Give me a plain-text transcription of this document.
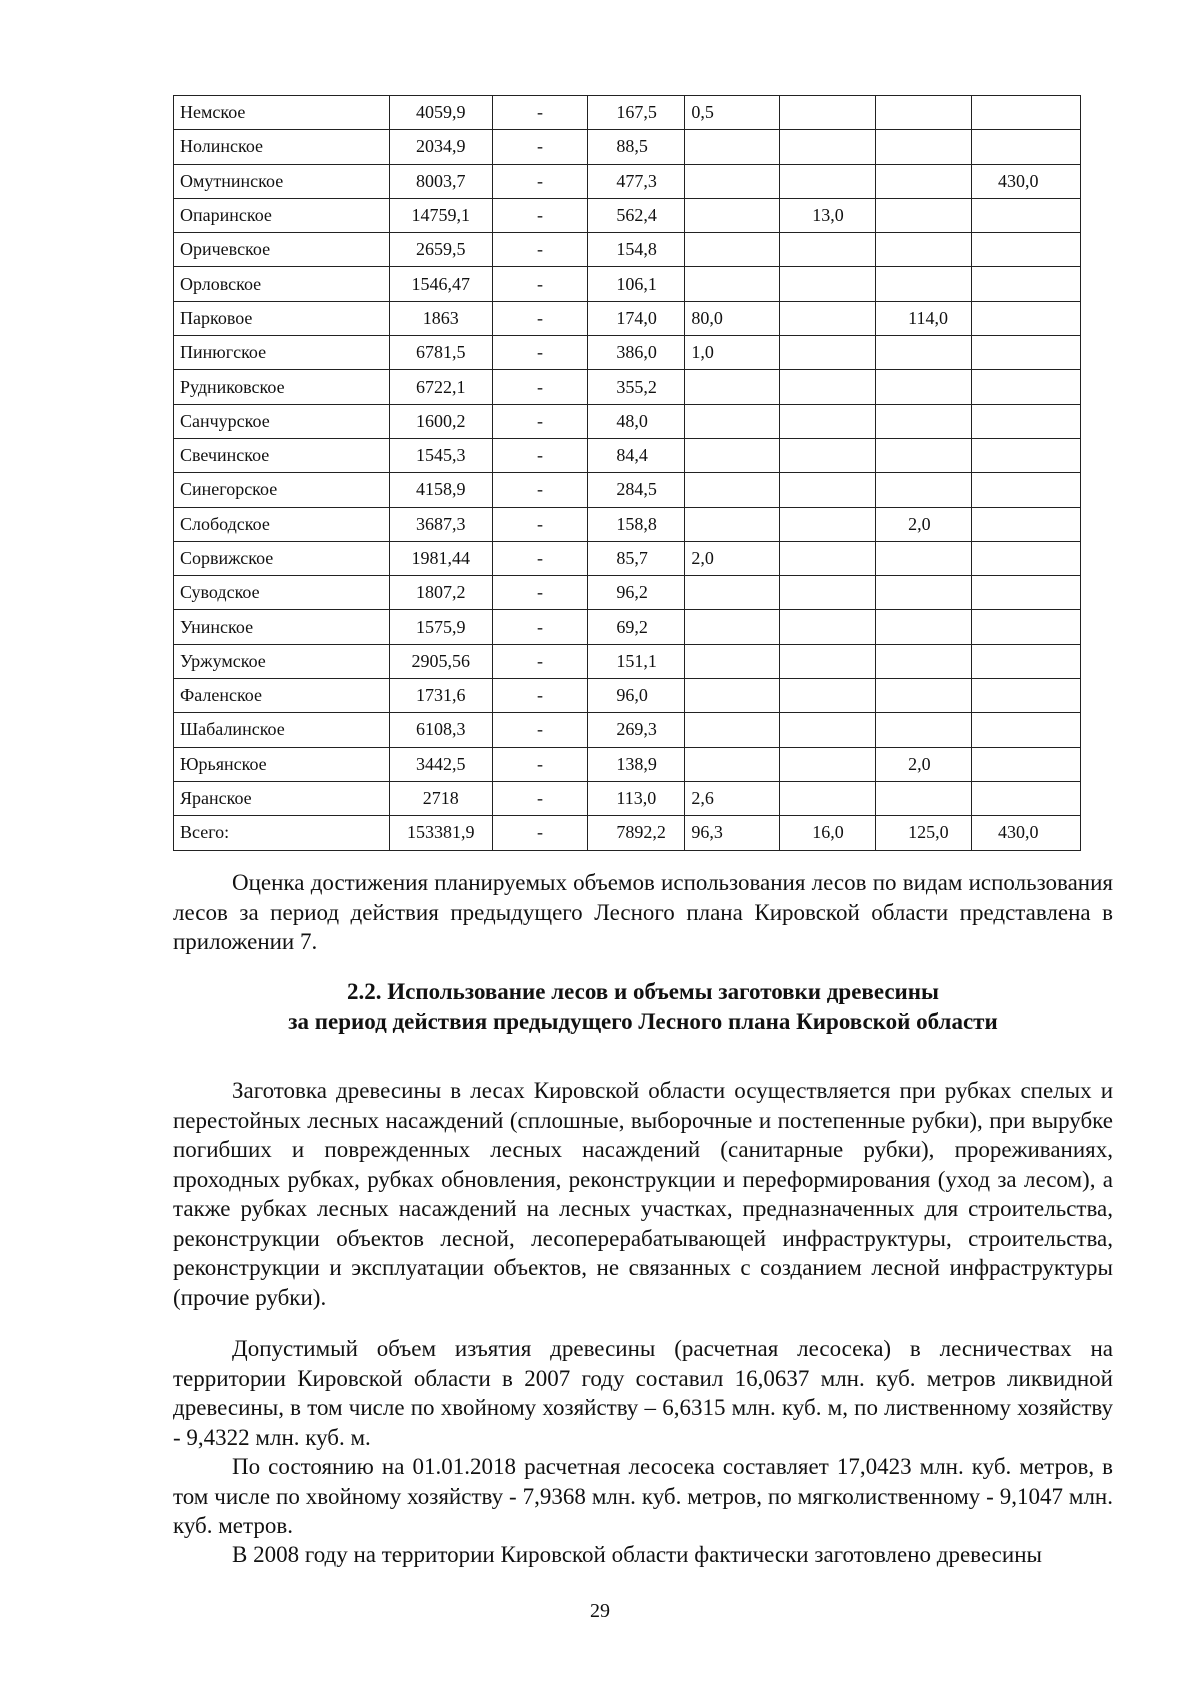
Немское	4059,9	-	167,5	0,5			
Нолинское	2034,9	-	88,5				
Омутнинское	8003,7	-	477,3				430,0
Опаринское	14759,1	-	562,4		13,0		
Оричевское	2659,5	-	154,8				
Орловское	1546,47	-	106,1				
Парковое	1863	-	174,0	80,0		114,0	
Пинюгское	6781,5	-	386,0	1,0			
Рудниковское	6722,1	-	355,2				
Санчурское	1600,2	-	48,0				
Свечинское	1545,3	-	84,4				
Синегорское	4158,9	-	284,5				
Слободское	3687,3	-	158,8			2,0	
Сорвижское	1981,44	-	85,7	2,0			
Суводское	1807,2	-	96,2				
Унинское	1575,9	-	69,2				
Уржумское	2905,56	-	151,1				
Фаленское	1731,6	-	96,0				
Шабалинское	6108,3	-	269,3				
Юрьянское	3442,5	-	138,9			2,0	
Яранское	2718	-	113,0	2,6			
Всего:	153381,9	-	7892,2	96,3	16,0	125,0	430,0

Оценка достижения планируемых объемов использования лесов по видам использования лесов за период действия предыдущего Лесного плана Кировской области представлена в приложении 7.

2.2. Использование лесов и объемы заготовки древесины
за период действия предыдущего Лесного плана Кировской области

Заготовка древесины в лесах Кировской области осуществляется при рубках спелых и перестойных лесных насаждений (сплошные, выборочные и постепенные рубки), при вырубке погибших и поврежденных лесных насаждений (санитарные рубки), прореживаниях, проходных рубках, рубках обновления, реконструкции и переформирования (уход за лесом), а также рубках лесных насаждений на лесных участках, предназначенных для строительства, реконструкции объектов лесной, лесоперерабатывающей инфраструктуры, строительства, реконструкции и эксплуатации объектов, не связанных с созданием лесной инфраструктуры (прочие рубки).

Допустимый объем изъятия древесины (расчетная лесосека) в лесничествах на территории Кировской области в 2007 году составил 16,0637 млн. куб. метров ликвидной древесины, в том числе по хвойному хозяйству – 6,6315 млн. куб. м, по лиственному хозяйству - 9,4322 млн. куб. м.

По состоянию на 01.01.2018 расчетная лесосека составляет 17,0423 млн. куб. метров, в том числе по хвойному хозяйству - 7,9368 млн. куб. метров, по мягколиственному - 9,1047 млн. куб. метров.

В 2008 году на территории Кировской области фактически заготовлено древесины

29
